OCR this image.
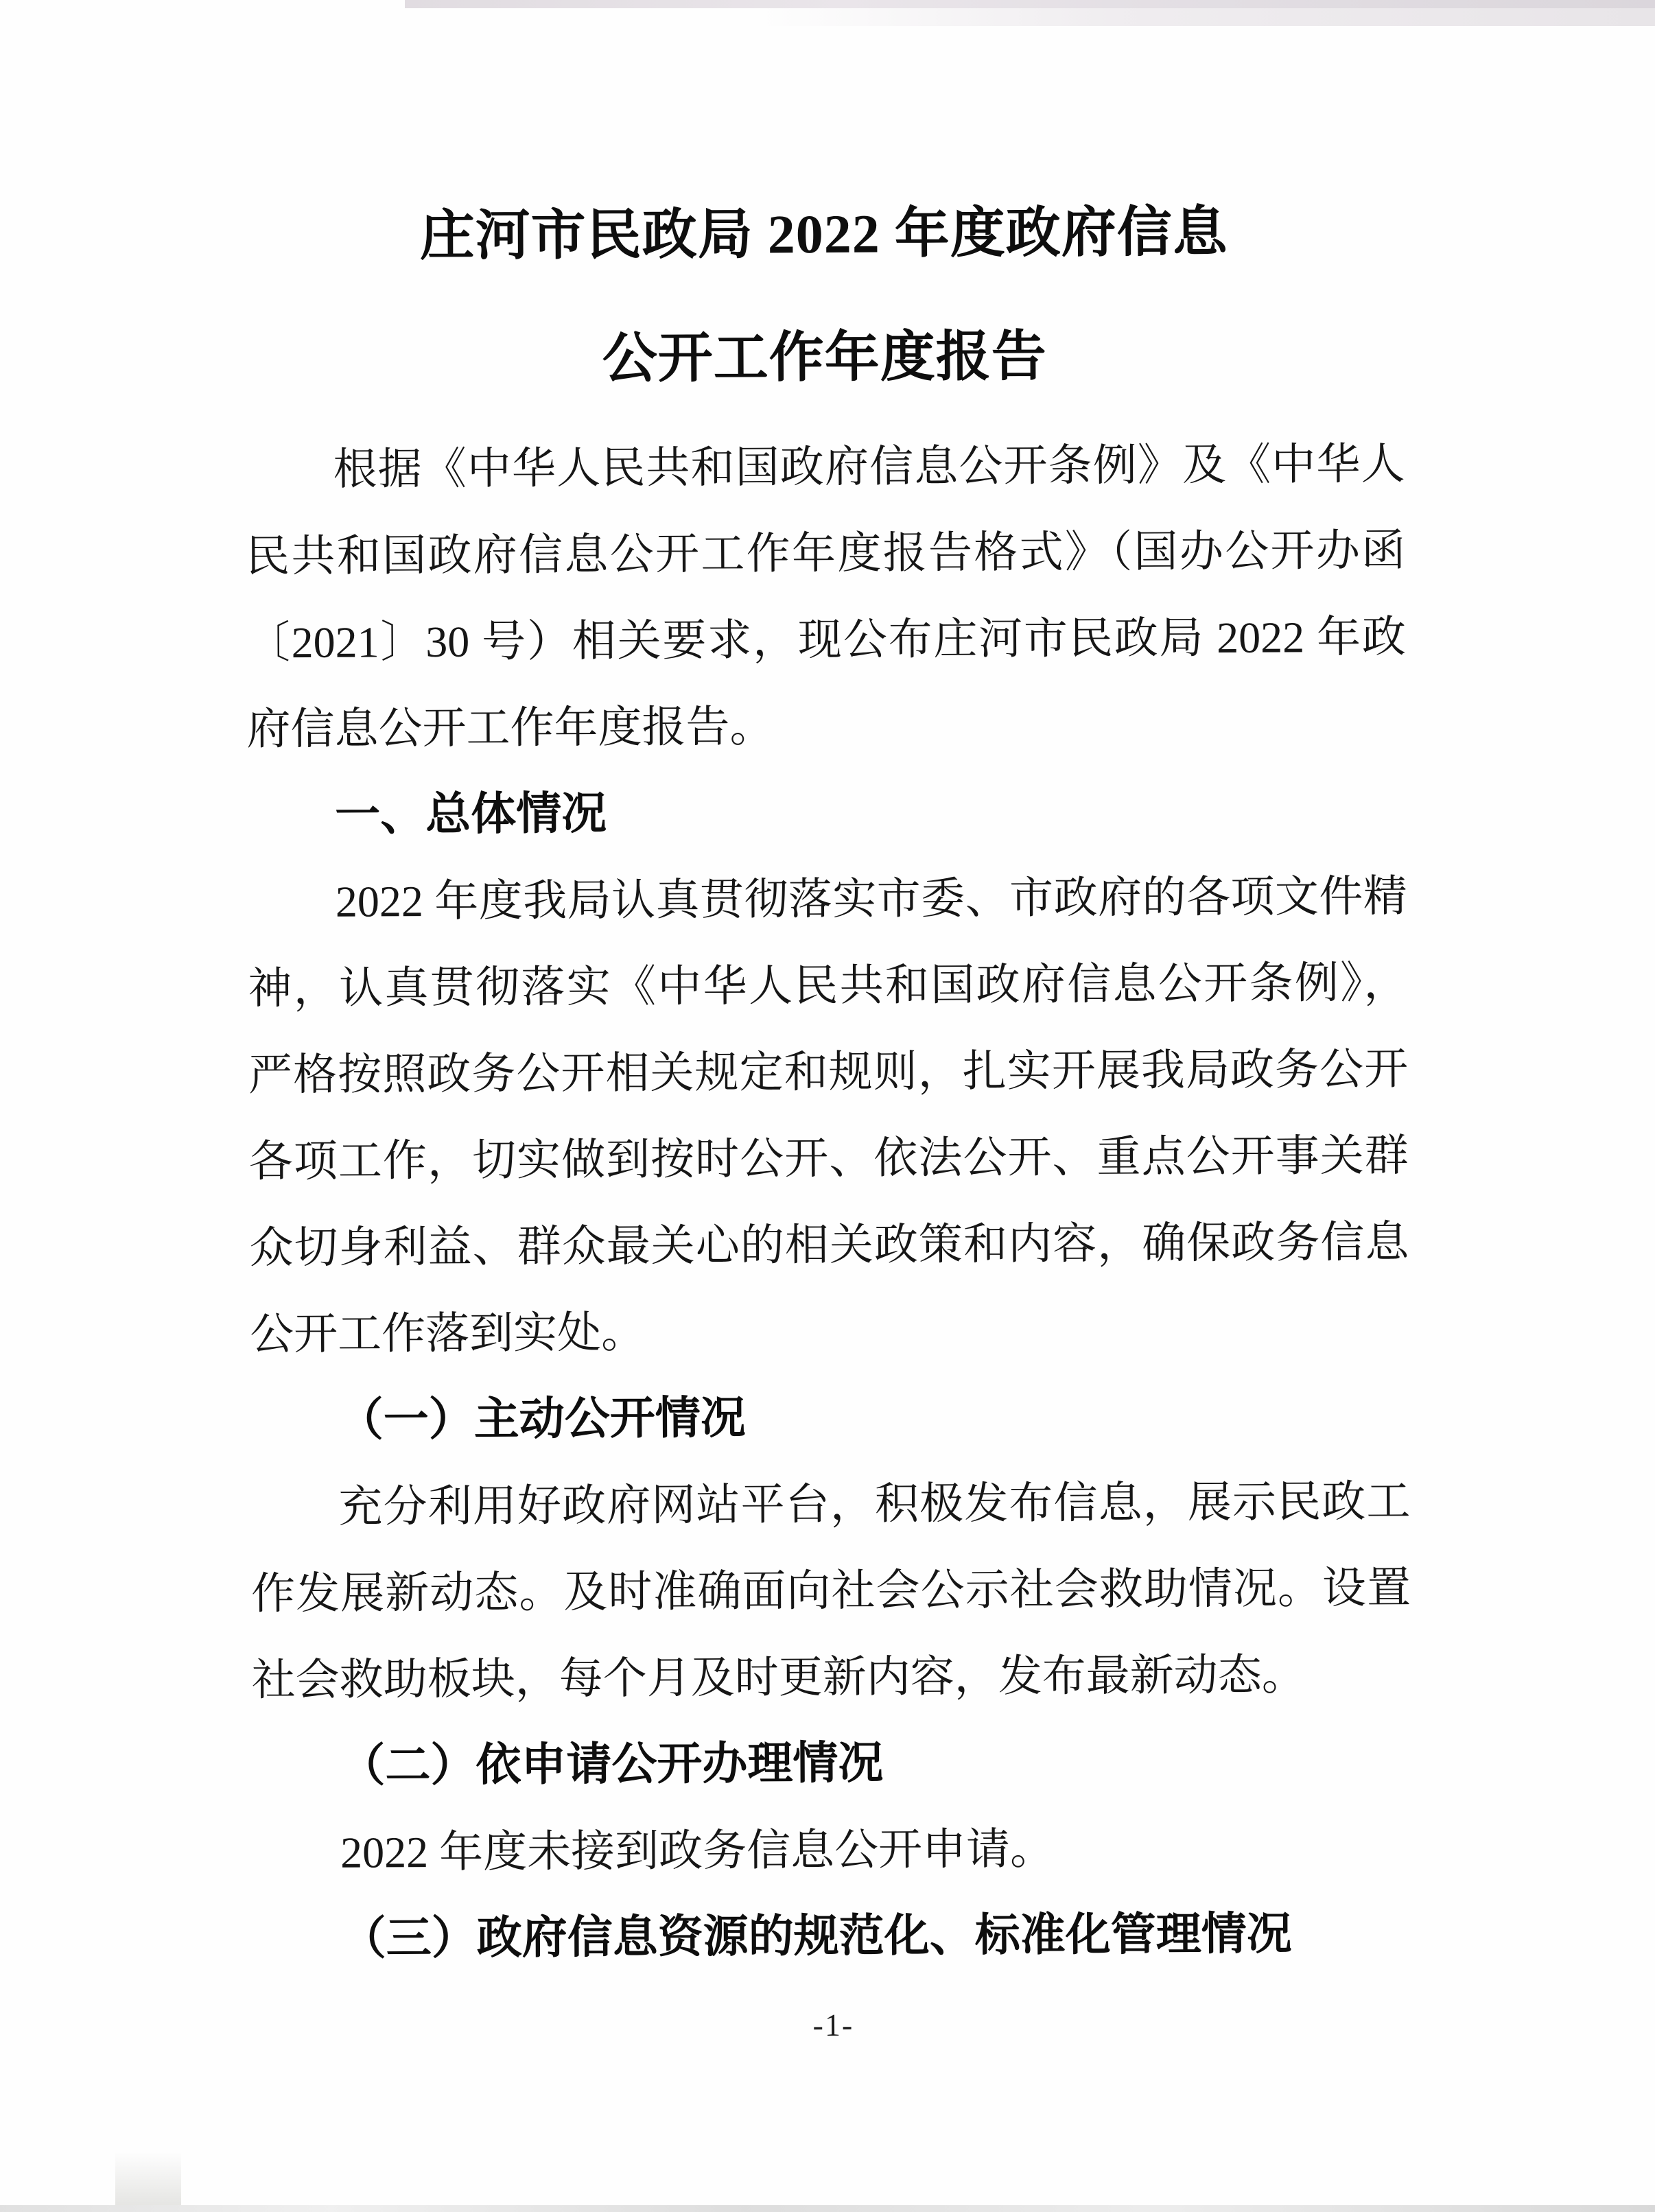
庄河市民政局 2022 年度政府信息
公开工作年度报告

根据《中华人民共和国政府信息公开条例》及《中华人
民共和国政府信息公开工作年度报告格式》（国办公开办函
〔2021〕30 号）相关要求，现公布庄河市民政局 2022 年政
府信息公开工作年度报告。

一、总体情况

2022 年度我局认真贯彻落实市委、市政府的各项文件精
神，认真贯彻落实《中华人民共和国政府信息公开条例》，
严格按照政务公开相关规定和规则，扎实开展我局政务公开
各项工作，切实做到按时公开、依法公开、重点公开事关群
众切身利益、群众最关心的相关政策和内容，确保政务信息
公开工作落到实处。

（一）主动公开情况

充分利用好政府网站平台，积极发布信息，展示民政工
作发展新动态。及时准确面向社会公示社会救助情况。设置
社会救助板块，每个月及时更新内容，发布最新动态。

（二）依申请公开办理情况

2022 年度未接到政务信息公开申请。

（三）政府信息资源的规范化、标准化管理情况
-1-
